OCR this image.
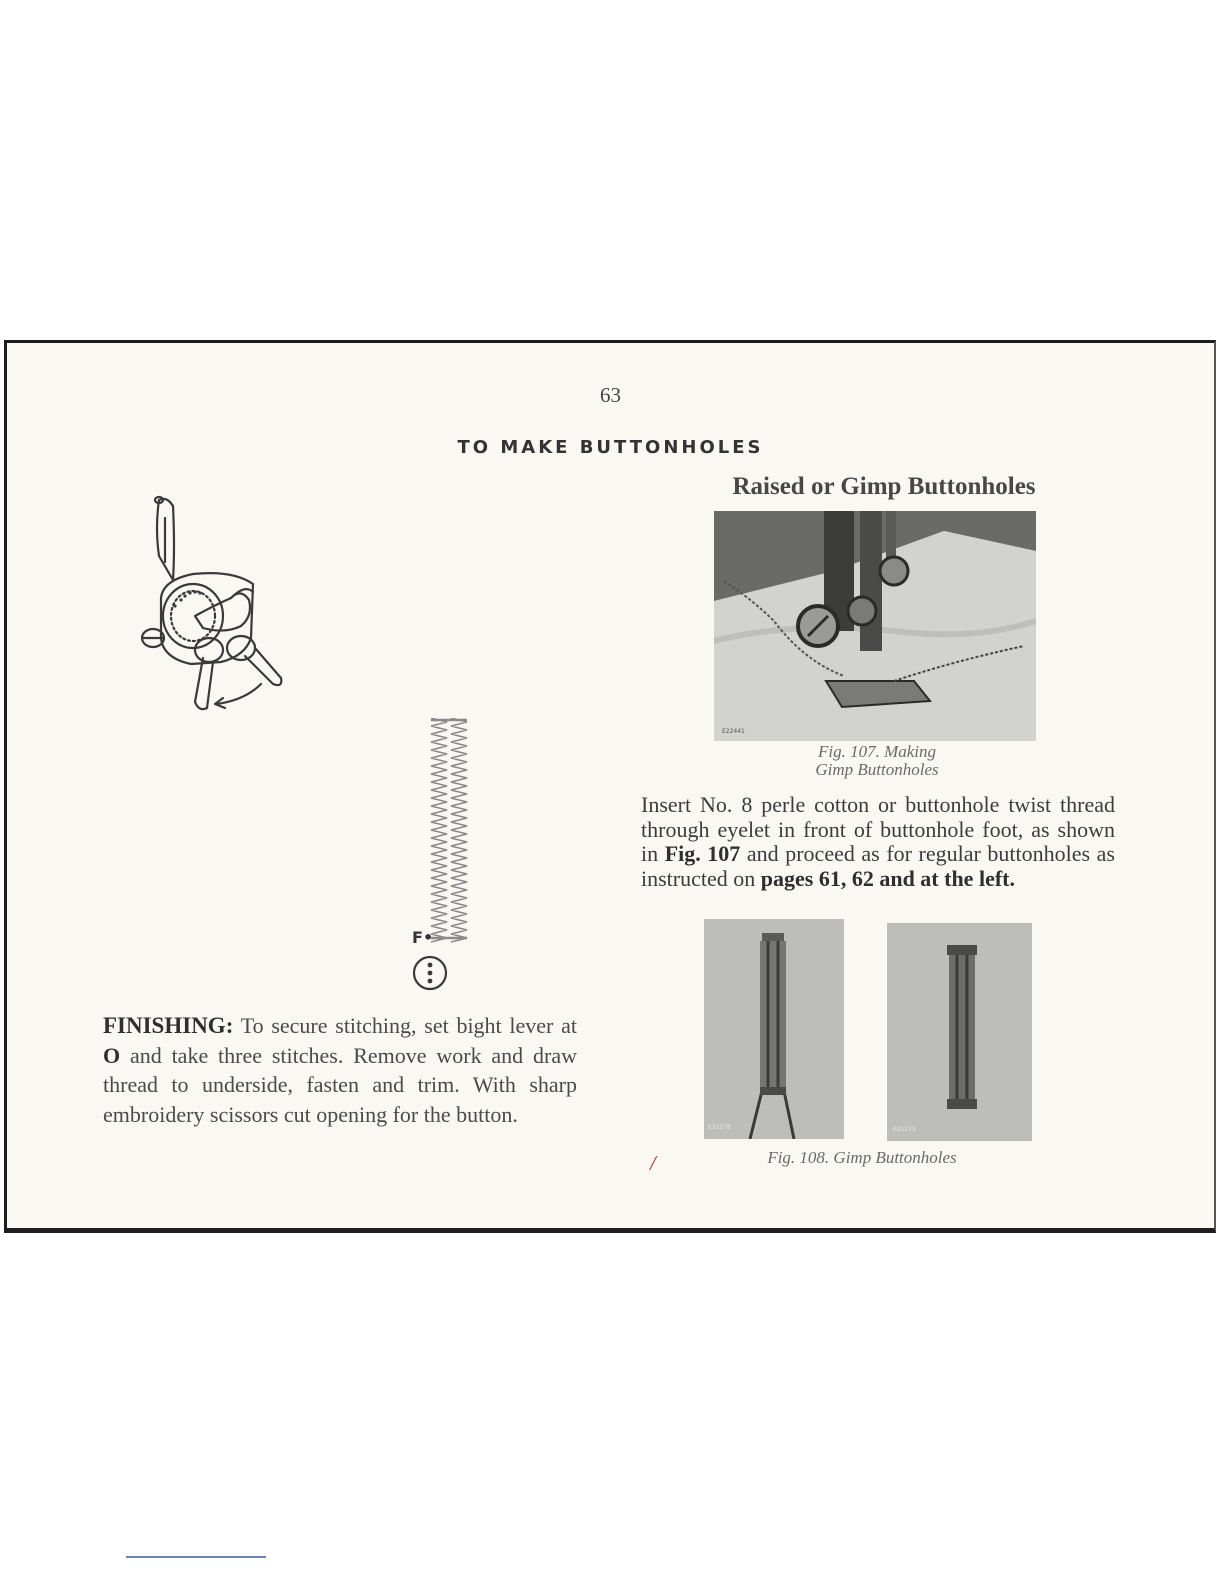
63
TO MAKE BUTTONHOLES
Raised or Gimp Buttonholes
F•
E22441
Fig. 107. Making
Gimp Buttonholes
Insert No. 8 perle cotton or buttonhole twist thread through eyelet in front of buttonhole foot, as shown in Fig. 107 and proceed as for regular buttonholes as instructed on pages 61, 62 and at the left.
E21278	E21275
/	Fig. 108. Gimp Buttonholes
FINISHING: To secure stitching, set bight lever at O and take three stitches. Remove work and draw thread to underside, fasten and trim. With sharp embroidery scissors cut opening for the button.
